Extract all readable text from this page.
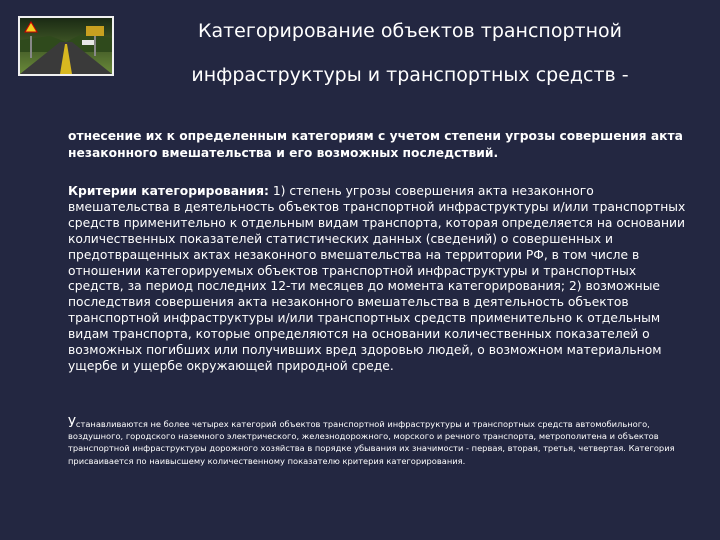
Категорирование объектов транспортной
инфраструктуры и транспортных средств -

отнесение их к определенным категориям с учетом степени угрозы совершения акта незаконного вмешательства и его возможных последствий.

Критерии категорирования: 1) степень угрозы совершения акта незаконного вмешательства в деятельность объектов транспортной инфраструктуры и/или транспортных средств применительно к отдельным видам транспорта, которая определяется на основании количественных показателей статистических данных (сведений) о совершенных и предотвращенных актах незаконного вмешательства на территории РФ, в том числе в отношении категорируемых объектов транспортной инфраструктуры и транспортных средств, за период последних 12-ти месяцев до момента категорирования; 2) возможные последствия совершения акта незаконного вмешательства в деятельность объектов транспортной инфраструктуры и/или транспортных средств применительно к отдельным видам транспорта, которые определяются на основании количественных показателей о возможных погибших или получивших вред здоровью людей, о возможном материальном ущербе и ущербе окружающей природной среде.

Устанавливаются не более четырех категорий объектов транспортной инфраструктуры и транспортных средств автомобильного, воздушного, городского наземного электрического, железнодорожного, морского и речного транспорта, метрополитена и объектов транспортной инфраструктуры дорожного хозяйства в порядке убывания их значимости - первая, вторая, третья, четвертая. Категория присваивается по наивысшему количественному показателю критерия категорирования.
